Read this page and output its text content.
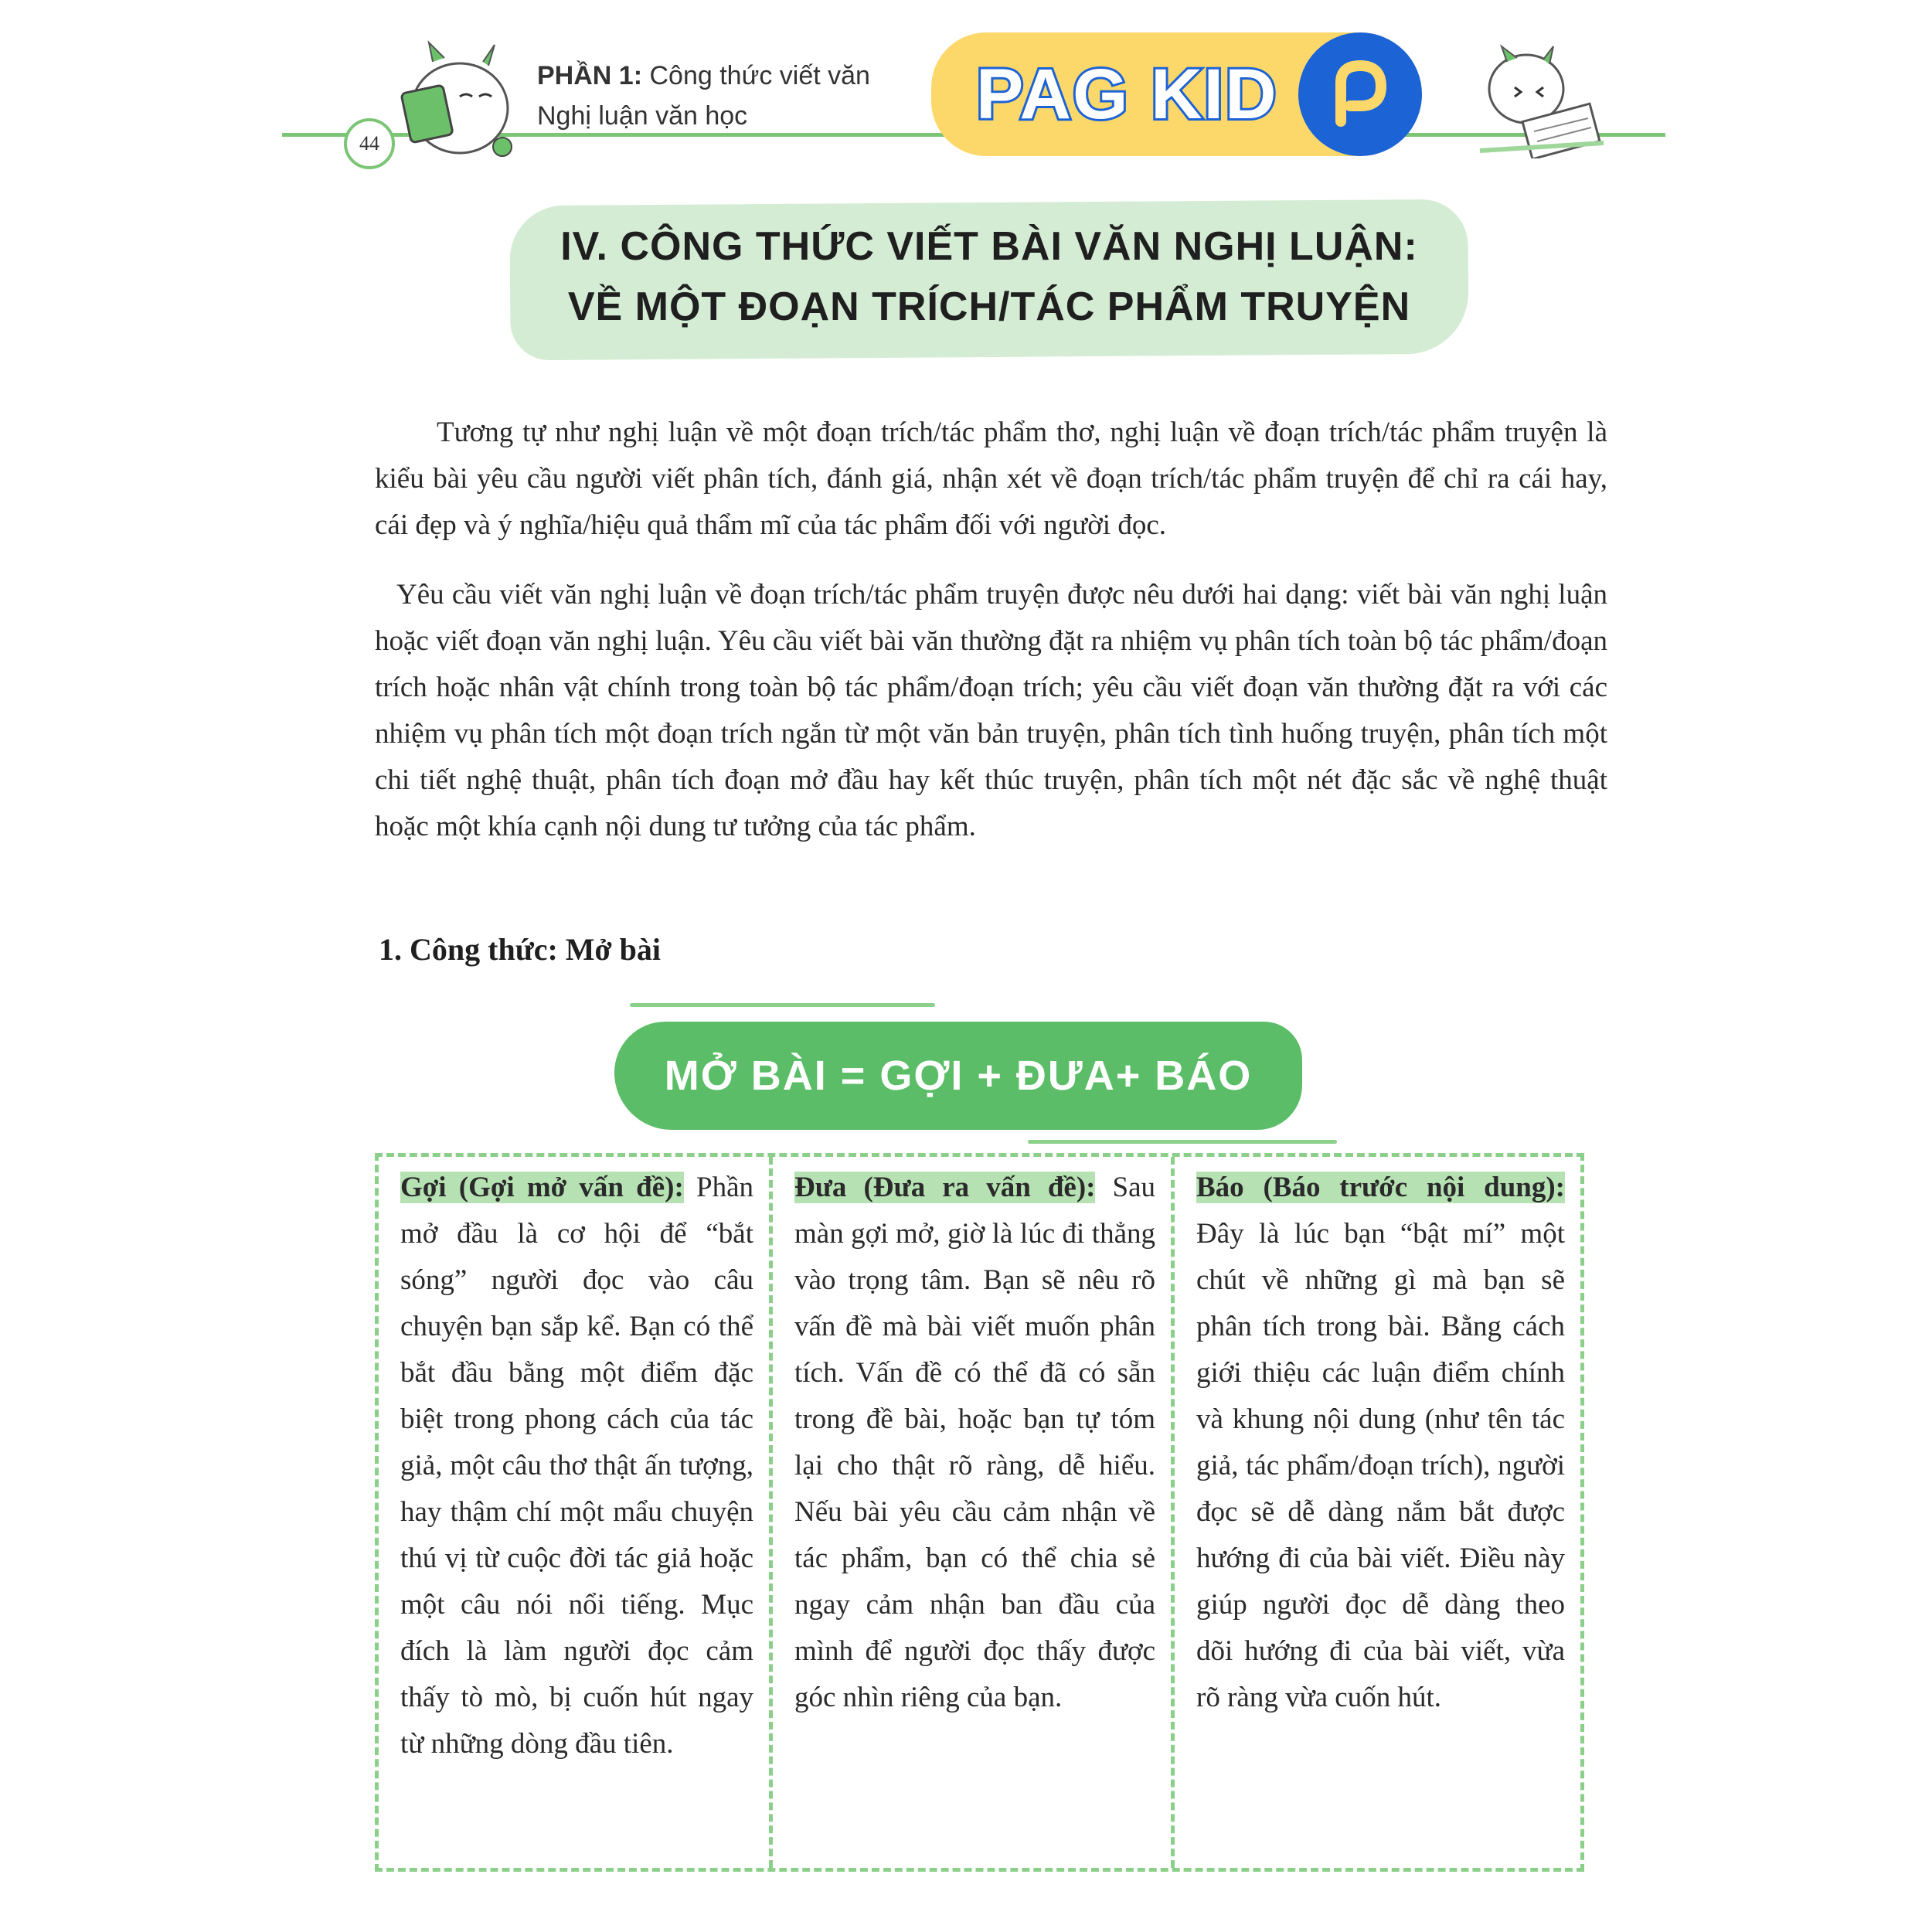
44
PHẦN 1: Công thức viết văn
Nghị luận văn học	PAG KID
IV. CÔNG THỨC VIẾT BÀI VĂN NGHỊ LUẬN:
VỀ MỘT ĐOẠN TRÍCH/TÁC PHẨM TRUYỆN
Tương tự như nghị luận về một đoạn trích/tác phẩm thơ, nghị luận về đoạn trích/tác phẩm truyện là kiểu bài yêu cầu người viết phân tích, đánh giá, nhận xét về đoạn trích/tác phẩm truyện để chỉ ra cái hay, cái đẹp và ý nghĩa/hiệu quả thẩm mĩ của tác phẩm đối với người đọc.
Yêu cầu viết văn nghị luận về đoạn trích/tác phẩm truyện được nêu dưới hai dạng: viết bài văn nghị luận hoặc viết đoạn văn nghị luận. Yêu cầu viết bài văn thường đặt ra nhiệm vụ phân tích toàn bộ tác phẩm/đoạn trích hoặc nhân vật chính trong toàn bộ tác phẩm/đoạn trích; yêu cầu viết đoạn văn thường đặt ra với các nhiệm vụ phân tích một đoạn trích ngắn từ một văn bản truyện, phân tích tình huống truyện, phân tích một chi tiết nghệ thuật, phân tích đoạn mở đầu hay kết thúc truyện, phân tích một nét đặc sắc về nghệ thuật hoặc một khía cạnh nội dung tư tưởng của tác phẩm.
1. Công thức: Mở bài
MỞ BÀI = GỢI + ĐƯA+ BÁO
Gợi (Gợi mở vấn đề): Phần mở đầu là cơ hội để “bắt sóng” người đọc vào câu chuyện bạn sắp kể. Bạn có thể bắt đầu bằng một điểm đặc biệt trong phong cách của tác giả, một câu thơ thật ấn tượng, hay thậm chí một mẩu chuyện thú vị từ cuộc đời tác giả hoặc một câu nói nổi tiếng. Mục đích là làm người đọc cảm thấy tò mò, bị cuốn hút ngay từ những dòng đầu tiên.
Đưa (Đưa ra vấn đề): Sau màn gợi mở, giờ là lúc đi thẳng vào trọng tâm. Bạn sẽ nêu rõ vấn đề mà bài viết muốn phân tích. Vấn đề có thể đã có sẵn trong đề bài, hoặc bạn tự tóm lại cho thật rõ ràng, dễ hiểu. Nếu bài yêu cầu cảm nhận về tác phẩm, bạn có thể chia sẻ ngay cảm nhận ban đầu của mình để người đọc thấy được góc nhìn riêng của bạn.
Báo (Báo trước nội dung): Đây là lúc bạn “bật mí” một chút về những gì mà bạn sẽ phân tích trong bài. Bằng cách giới thiệu các luận điểm chính và khung nội dung (như tên tác giả, tác phẩm/đoạn trích), người đọc sẽ dễ dàng nắm bắt được hướng đi của bài viết. Điều này giúp người đọc dễ dàng theo dõi hướng đi của bài viết, vừa rõ ràng vừa cuốn hút.
